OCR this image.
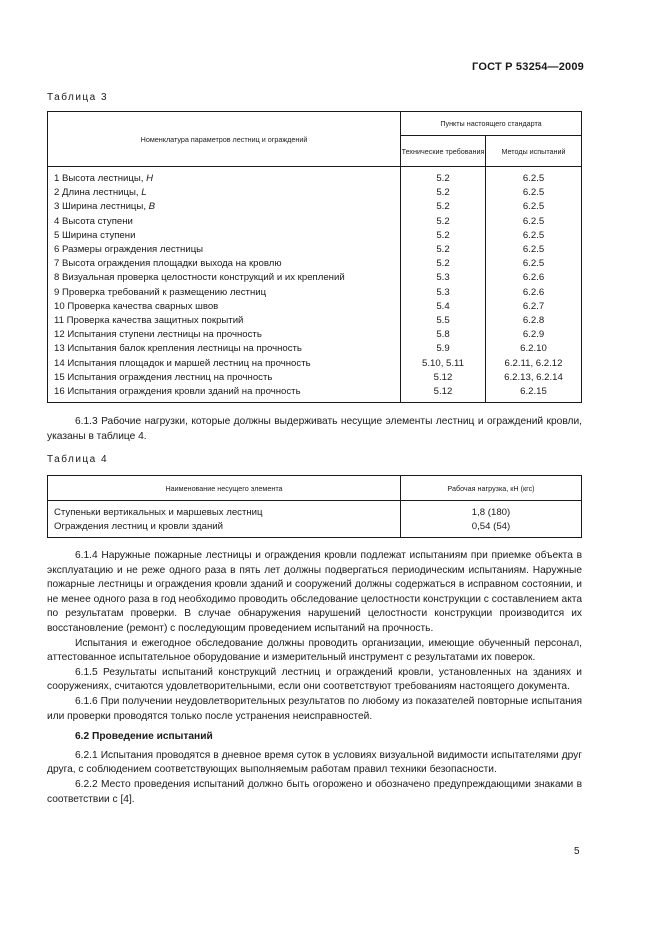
ГОСТ Р 53254—2009
Таблица 3
Номенклатура параметров лестниц и ограждений	Пункты настоящего стандарта	
	Технические требования	Методы испытаний
1 Высота лестницы, Н	5.2	6.2.5
2 Длина лестницы, L	5.2	6.2.5
3 Ширина лестницы, В	5.2	6.2.5
4 Высота ступени	5.2	6.2.5
5 Ширина ступени	5.2	6.2.5
6 Размеры ограждения лестницы	5.2	6.2.5
7 Высота ограждения площадки выхода на кровлю	5.2	6.2.5
8 Визуальная проверка целостности конструкций и их креплений	5.3	6.2.6
9 Проверка требований к размещению лестниц	5.3	6.2.6
10 Проверка качества сварных швов	5.4	6.2.7
11 Проверка качества защитных покрытий	5.5	6.2.8
12 Испытания ступени лестницы на прочность	5.8	6.2.9
13 Испытания балок крепления лестницы на прочность	5.9	6.2.10
14 Испытания площадок и маршей лестниц на прочность	5.10, 5.11	6.2.11, 6.2.12
15 Испытания ограждения лестниц на прочность	5.12	6.2.13, 6.2.14
16 Испытания ограждения кровли зданий на прочность	5.12	6.2.15

6.1.3 Рабочие нагрузки, которые должны выдерживать несущие элементы лестниц и ограждений кровли, указаны в таблице 4.

Таблица 4
Наименование несущего элемента	Рабочая нагрузка, кН (кгс)
Ступеньки вертикальных и маршевых лестниц	1,8 (180)
Ограждения лестниц и кровли зданий	0,54 (54)

6.1.4 Наружные пожарные лестницы и ограждения кровли подлежат испытаниям при приемке объекта в эксплуатацию и не реже одного раза в пять лет должны подвергаться периодическим испытаниям. Наружные пожарные лестницы и ограждения кровли зданий и сооружений должны содержаться в исправном состоянии, и не менее одного раза в год необходимо проводить обследование целостности конструкции с составлением акта по результатам проверки. В случае обнаружения нарушений целостности конструкции производится их восстановление (ремонт) с последующим проведением испытаний на прочность.

Испытания и ежегодное обследование должны проводить организации, имеющие обученный персонал, аттестованное испытательное оборудование и измерительный инструмент с результатами их поверок.

6.1.5 Результаты испытаний конструкций лестниц и ограждений кровли, установленных на зданиях и сооружениях, считаются удовлетворительными, если они соответствуют требованиям настоящего документа.

6.1.6 При получении неудовлетворительных результатов по любому из показателей повторные испытания или проверки проводятся только после устранения неисправностей.

6.2 Проведение испытаний

6.2.1 Испытания проводятся в дневное время суток в условиях визуальной видимости испытателями друг друга, с соблюдением соответствующих выполняемым работам правил техники безопасности.

6.2.2 Место проведения испытаний должно быть огорожено и обозначено предупреждающими знаками в соответствии с [4].

5
